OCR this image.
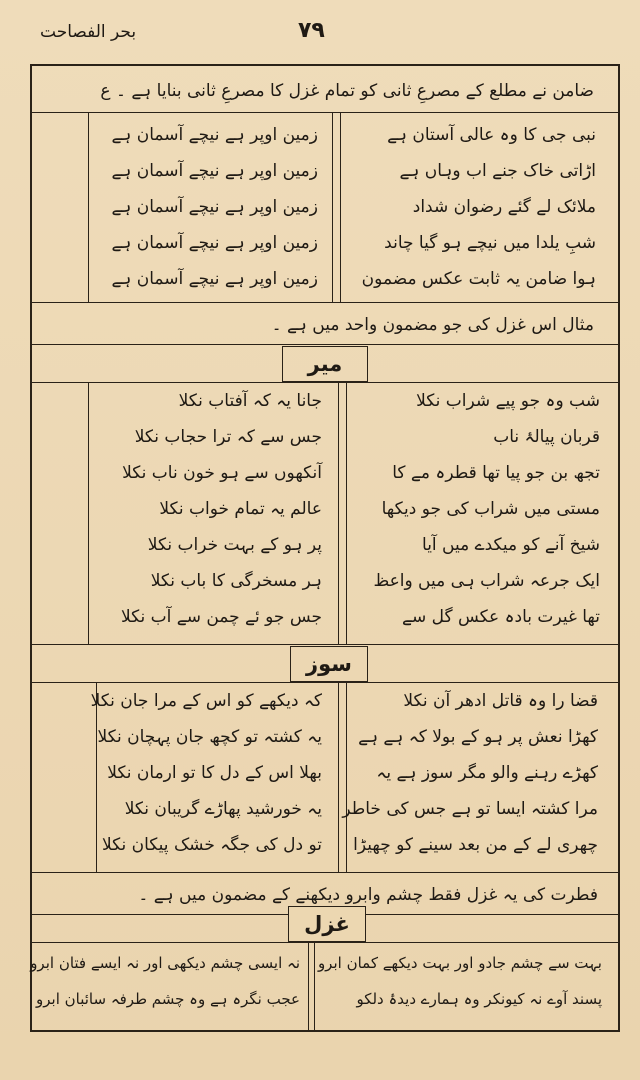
بحر الفصاحت	۷۹
ضامن نے مطلع کے مصرعِ ثانی کو تمام غزل کا مصرعِ ثانی بنایا ہے ۔ ع
نبی جی کا وہ عالی آستان ہے
اڑاتی خاک جنے اب وہاں ہے
ملائک لے گئے رضوان شداد
شبِ یلدا میں نیچے ہو گیا چاند
ہوا ضامن یہ ثابت عکس مضمون
زمین اوپر ہے نیچے آسمان ہے
زمین اوپر ہے نیچے آسمان ہے
زمین اوپر ہے نیچے آسمان ہے
زمین اوپر ہے نیچے آسمان ہے
زمین اوپر ہے نیچے آسمان ہے
مثال اس غزل کی جو مضمون واحد میں ہے ۔
میر
شب وہ جو پیے شراب نکلا
قربان پیالۂ ناب
تجھ بن جو پیا تھا قطرہ مے کا
مستی میں شراب کی جو دیکھا
شیخ آنے کو میکدے میں آیا
ایک جرعہ شراب ہی میں واعظ
تھا غیرت بادہ عکس گل سے
جانا یہ کہ آفتاب نکلا
جس سے کہ ترا حجاب نکلا
آنکھوں سے ہو خون ناب نکلا
عالم یہ تمام خواب نکلا
پر ہو کے بہت خراب نکلا
ہر مسخرگی کا باب نکلا
جس جو ئے چمن سے آب نکلا
سوز
قضا را وہ قاتل ادھر آن نکلا
کھڑا نعش پر ہو کے بولا کہ ہے ہے
کھڑے رہنے والو مگر سوز ہے یہ
مرا کشتہ ایسا تو ہے جس کی خاطر
چھری لے کے من بعد سینے کو چھیڑا
کہ دیکھے کو اس کے مرا جان نکلا
یہ کشتہ تو کچھ جان پہچان نکلا
بھلا اس کے دل کا تو ارمان نکلا
یہ خورشید پھاڑے گریبان نکلا
تو دل کی جگہ خشک پیکان نکلا
فطرت کی یہ غزل فقط چشم وابرو دیکھنے کے مضمون میں ہے ۔
غزل
بہت سے چشم جادو اور بہت دیکھے کمان ابرو
پسند آوے نہ کیونکر وہ ہمارے دیدۂ دلکو
نہ ایسی چشم دیکھی اور نہ ایسے فتان ابرو
عجب نگرہ ہے وہ چشم طرفہ سائبان ابرو
